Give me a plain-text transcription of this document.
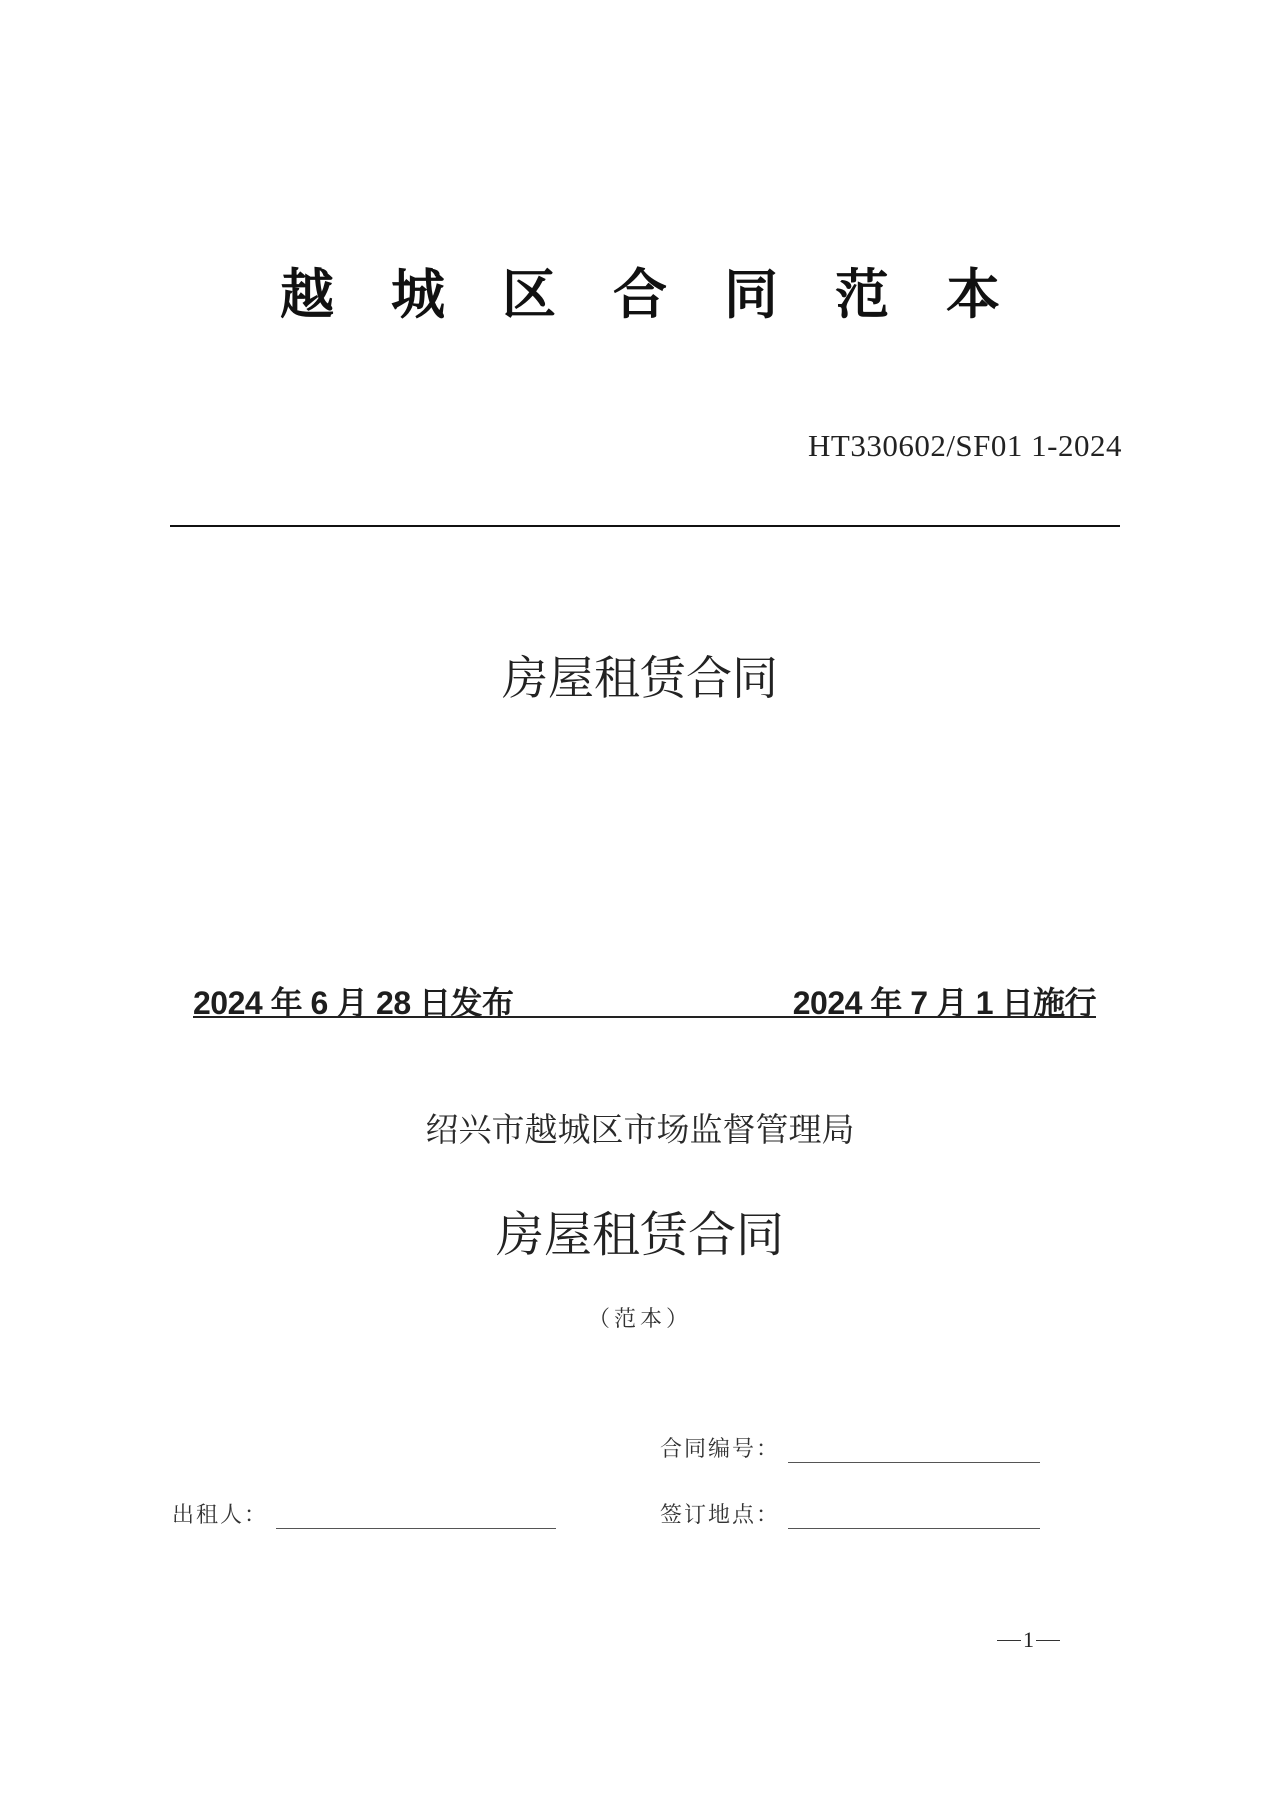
越 城 区 合 同 范 本
HT330602/SF01 1-2024
房屋租赁合同
2024 年 6 月 28 日发布	2024 年 7 月 1 日施行
绍兴市越城区市场监督管理局
房屋租赁合同
（范本）
合同编号：
出租人：	签订地点：
1
